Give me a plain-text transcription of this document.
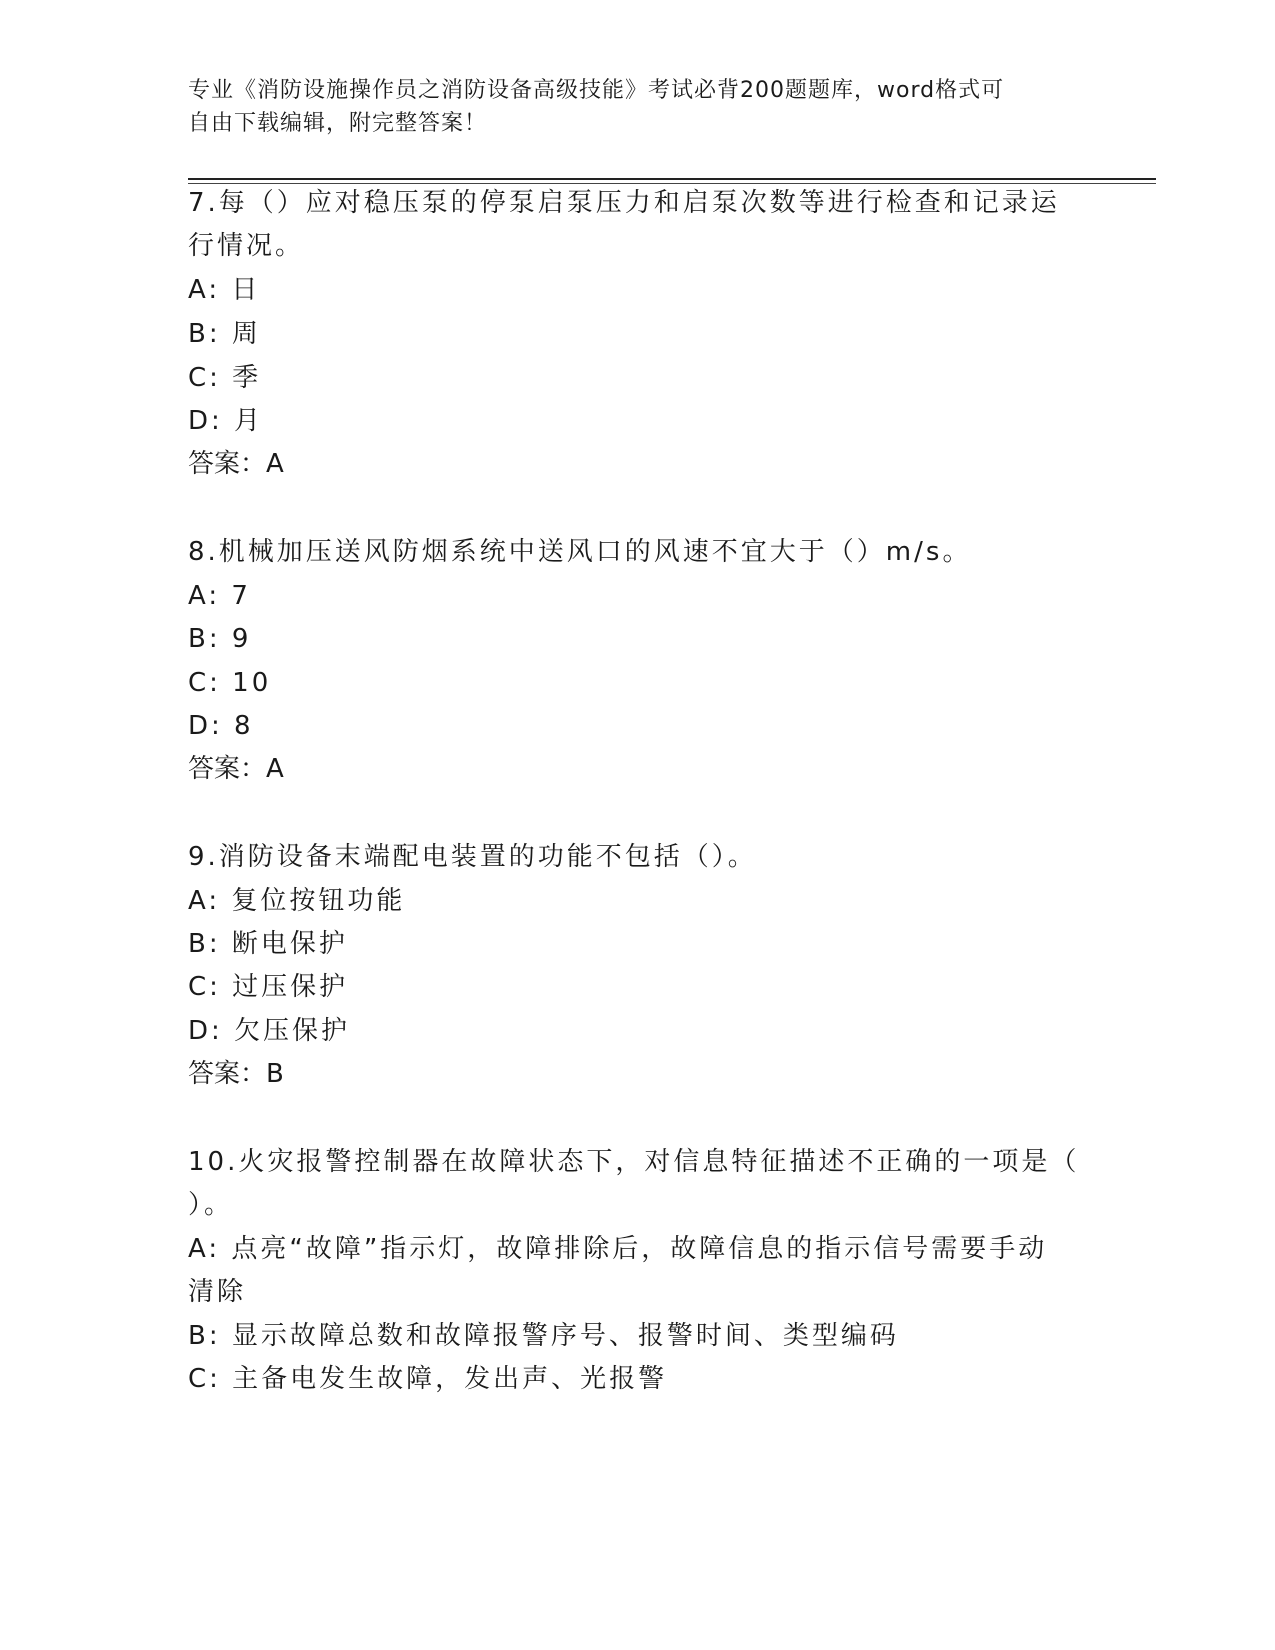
专业《消防设施操作员之消防设备高级技能》考试必背200题题库，word格式可
自由下载编辑，附完整答案！
7.每（）应对稳压泵的停泵启泵压力和启泵次数等进行检查和记录运
行情况。
A: 日
B: 周
C: 季
D: 月
答案：A
8.机械加压送风防烟系统中送风口的风速不宜大于（）m/s。
A: 7
B: 9
C: 10
D: 8
答案：A
9.消防设备末端配电装置的功能不包括（）。
A: 复位按钮功能
B: 断电保护
C: 过压保护
D: 欠压保护
答案：B
10.火灾报警控制器在故障状态下，对信息特征描述不正确的一项是（
）。
A: 点亮“故障”指示灯，故障排除后，故障信息的指示信号需要手动
清除
B: 显示故障总数和故障报警序号、报警时间、类型编码
C: 主备电发生故障，发出声、光报警
